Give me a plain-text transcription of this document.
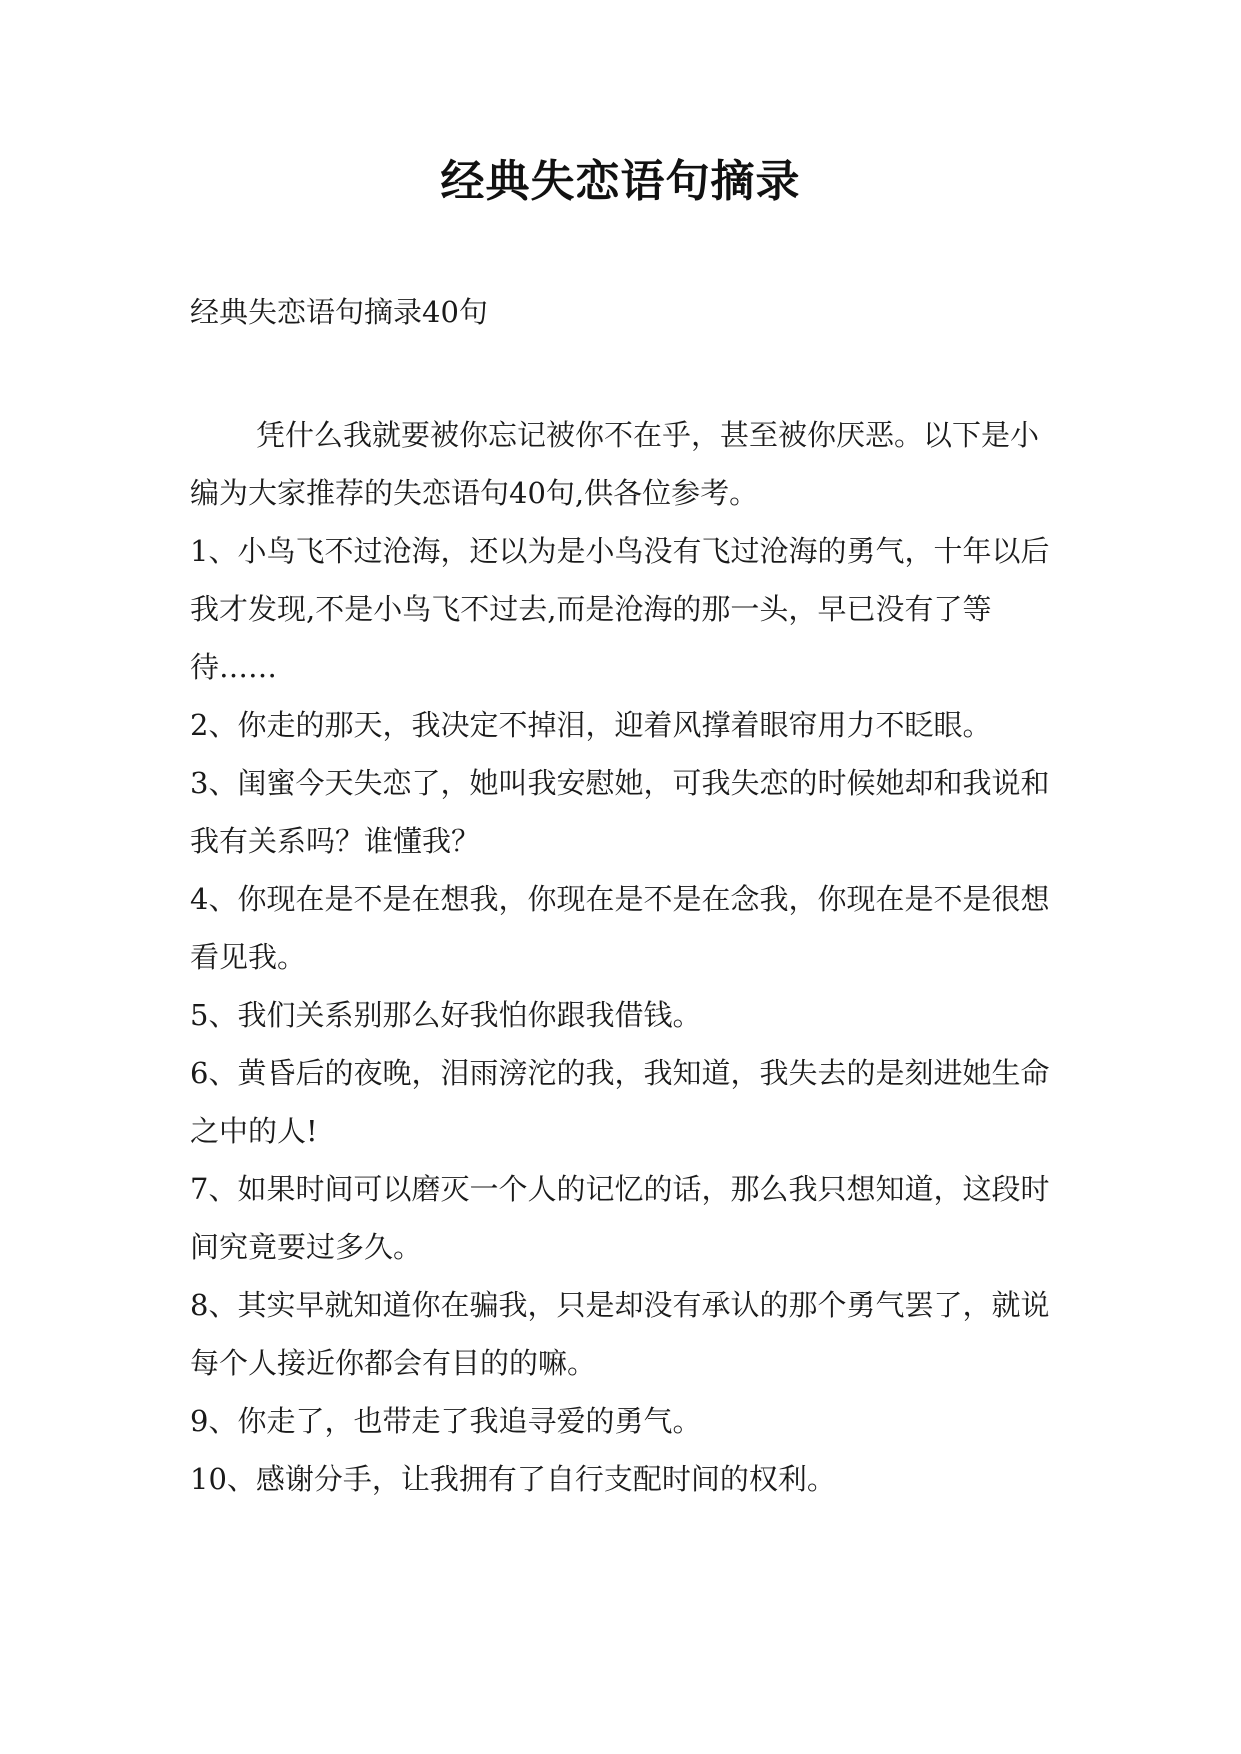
经典失恋语句摘录
经典失恋语句摘录40句

凭什么我就要被你忘记被你不在乎，甚至被你厌恶。以下是小编为大家推荐的失恋语句40句,供各位参考。

1、小鸟飞不过沧海，还以为是小鸟没有飞过沧海的勇气，十年以后我才发现,不是小鸟飞不过去,而是沧海的那一头，早已没有了等待……

2、你走的那天，我决定不掉泪，迎着风撑着眼帘用力不眨眼。

3、闺蜜今天失恋了，她叫我安慰她，可我失恋的时候她却和我说和我有关系吗？谁懂我？

4、你现在是不是在想我，你现在是不是在念我，你现在是不是很想看见我。

5、我们关系别那么好我怕你跟我借钱。

6、黄昏后的夜晚，泪雨滂沱的我，我知道，我失去的是刻进她生命之中的人!

7、如果时间可以磨灭一个人的记忆的话，那么我只想知道，这段时间究竟要过多久。

8、其实早就知道你在骗我，只是却没有承认的那个勇气罢了，就说每个人接近你都会有目的的嘛。

9、你走了，也带走了我追寻爱的勇气。

10、感谢分手，让我拥有了自行支配时间的权利。
